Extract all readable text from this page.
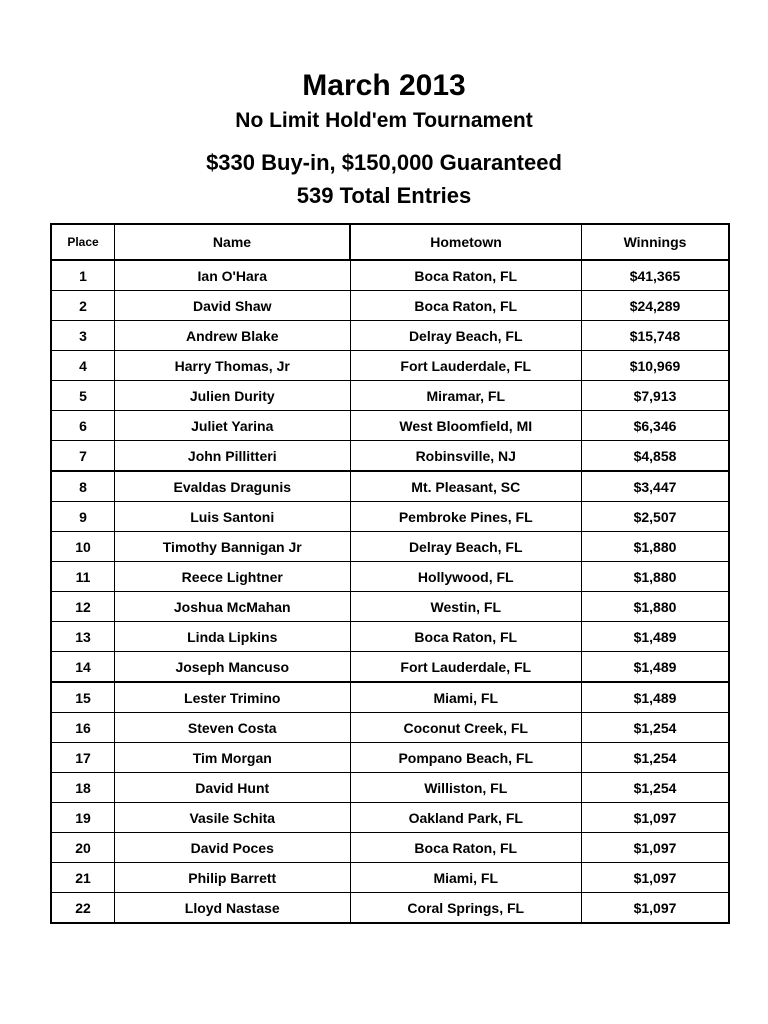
March 2013
No Limit Hold'em Tournament
$330 Buy-in, $150,000 Guaranteed
539 Total Entries
Place	Name	Hometown	Winnings
1	Ian O'Hara	Boca Raton, FL	$41,365
2	David Shaw	Boca Raton, FL	$24,289
3	Andrew Blake	Delray Beach, FL	$15,748
4	Harry Thomas, Jr	Fort Lauderdale, FL	$10,969
5	Julien Durity	Miramar, FL	$7,913
6	Juliet Yarina	West Bloomfield, MI	$6,346
7	John Pillitteri	Robinsville, NJ	$4,858
8	Evaldas Dragunis	Mt. Pleasant, SC	$3,447
9	Luis Santoni	Pembroke Pines, FL	$2,507
10	Timothy Bannigan Jr	Delray Beach, FL	$1,880
11	Reece Lightner	Hollywood, FL	$1,880
12	Joshua McMahan	Westin, FL	$1,880
13	Linda Lipkins	Boca Raton, FL	$1,489
14	Joseph Mancuso	Fort Lauderdale, FL	$1,489
15	Lester Trimino	Miami, FL	$1,489
16	Steven Costa	Coconut Creek, FL	$1,254
17	Tim Morgan	Pompano Beach, FL	$1,254
18	David Hunt	Williston, FL	$1,254
19	Vasile Schita	Oakland Park, FL	$1,097
20	David Poces	Boca Raton, FL	$1,097
21	Philip Barrett	Miami, FL	$1,097
22	Lloyd Nastase	Coral Springs, FL	$1,097
